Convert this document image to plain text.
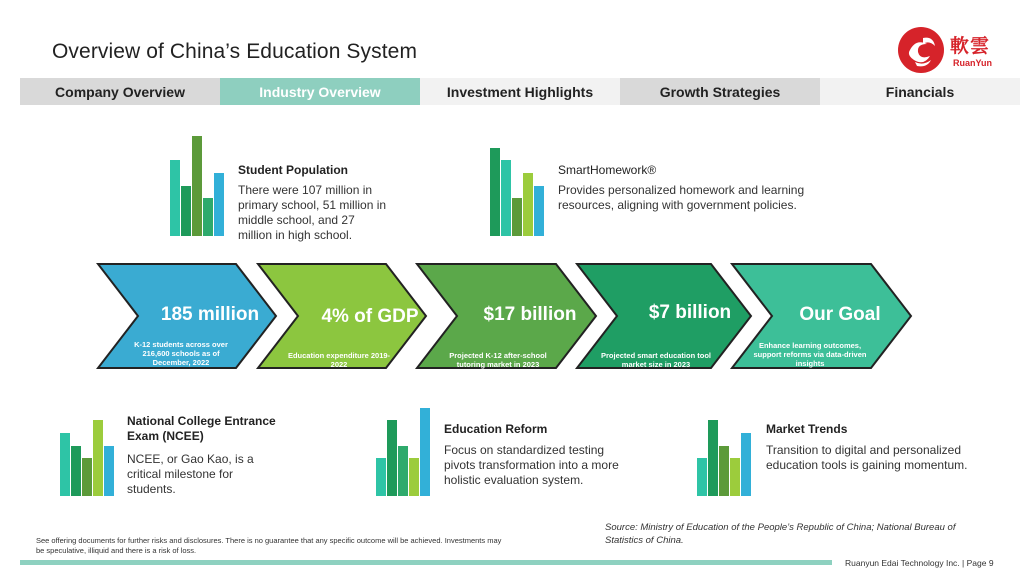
Overview of China’s Education System	軟雲
RuanYun
Company Overview	Industry Overview	Investment Highlights	Growth Strategies	Financials
Student Population
There were 107 million in primary school, 51 million in middle school, and 27 million in high school.
SmartHomework®
Provides personalized homework and learning resources, aligning with government policies.
185 million
K-12 students across over 216,600 schools as of December, 2022
4% of GDP
Education expenditure 2019-2022
$17 billion
Projected K-12 after-school tutoring market in 2023
$7 billion
Projected smart education tool market size in 2023
Our Goal
Enhance learning outcomes, support reforms via data-driven insights
National College Entrance Exam (NCEE)
NCEE, or Gao Kao, is a critical milestone for students.
Education Reform
Focus on standardized testing pivots transformation into a more holistic evaluation system.
Market Trends
Transition to digital and personalized education tools is gaining momentum.
Source: Ministry of Education of the People’s Republic of China; National Bureau of Statistics of China.
See offering documents for further risks and disclosures. There is no guarantee that any specific outcome will be achieved. Investments may be speculative, illiquid and there is a risk of loss.
Ruanyun Edai Technology Inc. | Page 9
